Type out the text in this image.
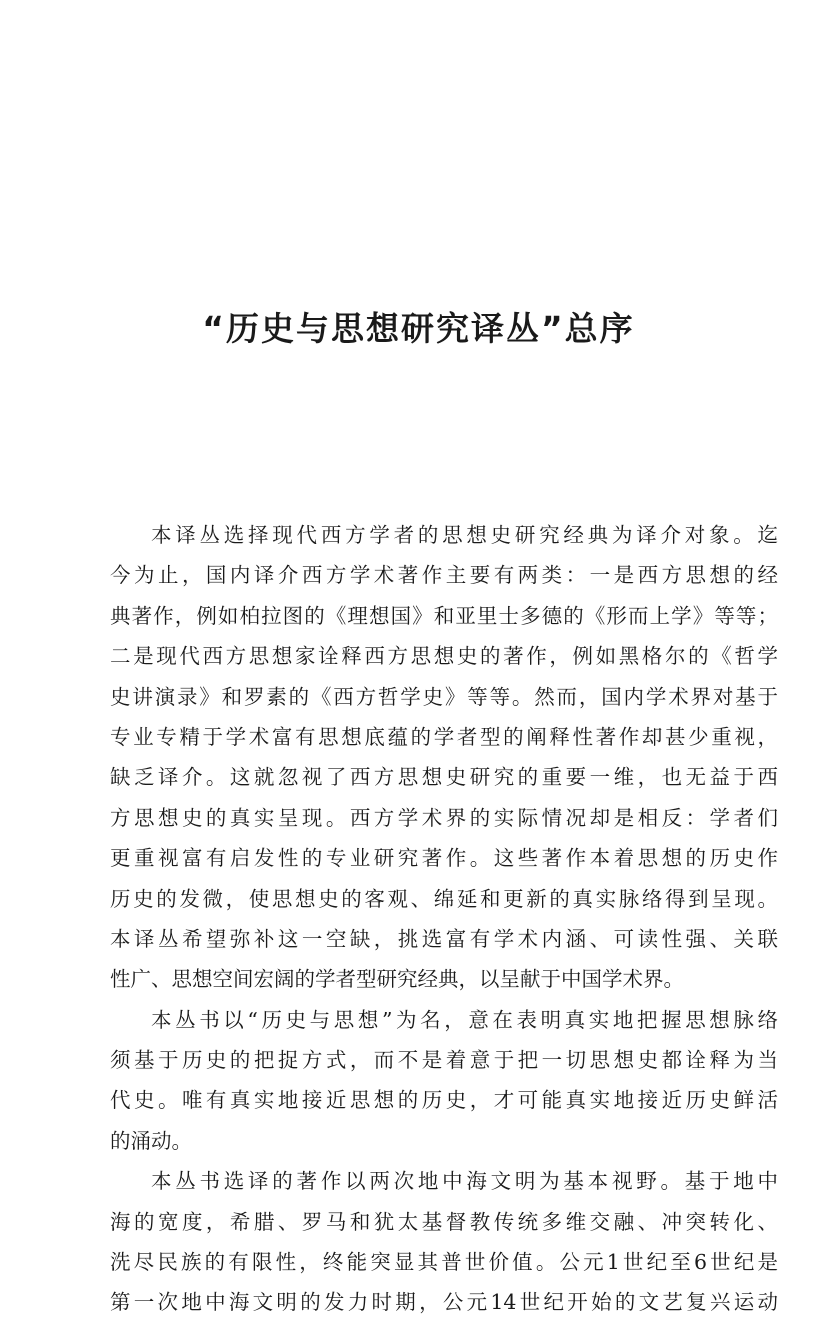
“历史与思想研究译丛”总序
本译丛选择现代西方学者的思想史研究经典为译介对象。迄
今为止，国内译介西方学术著作主要有两类：一是西方思想的经
典著作，例如柏拉图的《理想国》和亚里士多德的《形而上学》等等；
二是现代西方思想家诠释西方思想史的著作，例如黑格尔的《哲学
史讲演录》和罗素的《西方哲学史》等等。然而，国内学术界对基于
专业专精于学术富有思想底蕴的学者型的阐释性著作却甚少重视，
缺乏译介。这就忽视了西方思想史研究的重要一维，也无益于西
方思想史的真实呈现。西方学术界的实际情况却是相反：学者们
更重视富有启发性的专业研究著作。这些著作本着思想的历史作
历史的发微，使思想史的客观、绵延和更新的真实脉络得到呈现。
本译丛希望弥补这一空缺，挑选富有学术内涵、可读性强、关联
性广、思想空间宏阔的学者型研究经典，以呈献于中国学术界。
本丛书以“历史与思想”为名，意在表明真实地把握思想脉络
须基于历史的把捉方式，而不是着意于把一切思想史都诠释为当
代史。唯有真实地接近思想的历史，才可能真实地接近历史鲜活
的涌动。
本丛书选译的著作以两次地中海文明为基本视野。基于地中
海的宽度，希腊、罗马和犹太基督教传统多维交融、冲突转化、
洗尽民族的有限性，终能突显其普世价值。公元1世纪至6世纪是
第一次地中海文明的发力时期，公元14世纪开始的文艺复兴运动
